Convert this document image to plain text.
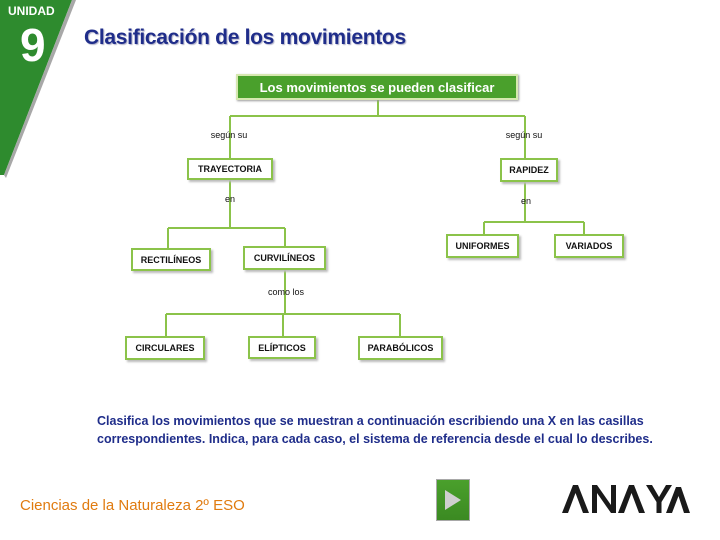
UNIDAD
9 Clasificación de los movimientos
Los movimientos se pueden clasificar
según su	según su
TRAYECTORIA	RAPIDEZ
en	en
RECTILÍNEOS	CURVILÍNEOS
UNIFORMES	VARIADOS
como los
CIRCULARES	ELÍPTICOS	PARABÓLICOS
Clasifica los movimientos que se muestran a continuación escribiendo una X en las casillas correspondientes. Indica, para cada caso, el sistema de referencia desde el cual lo describes.
Ciencias de la Naturaleza 2º ESO
